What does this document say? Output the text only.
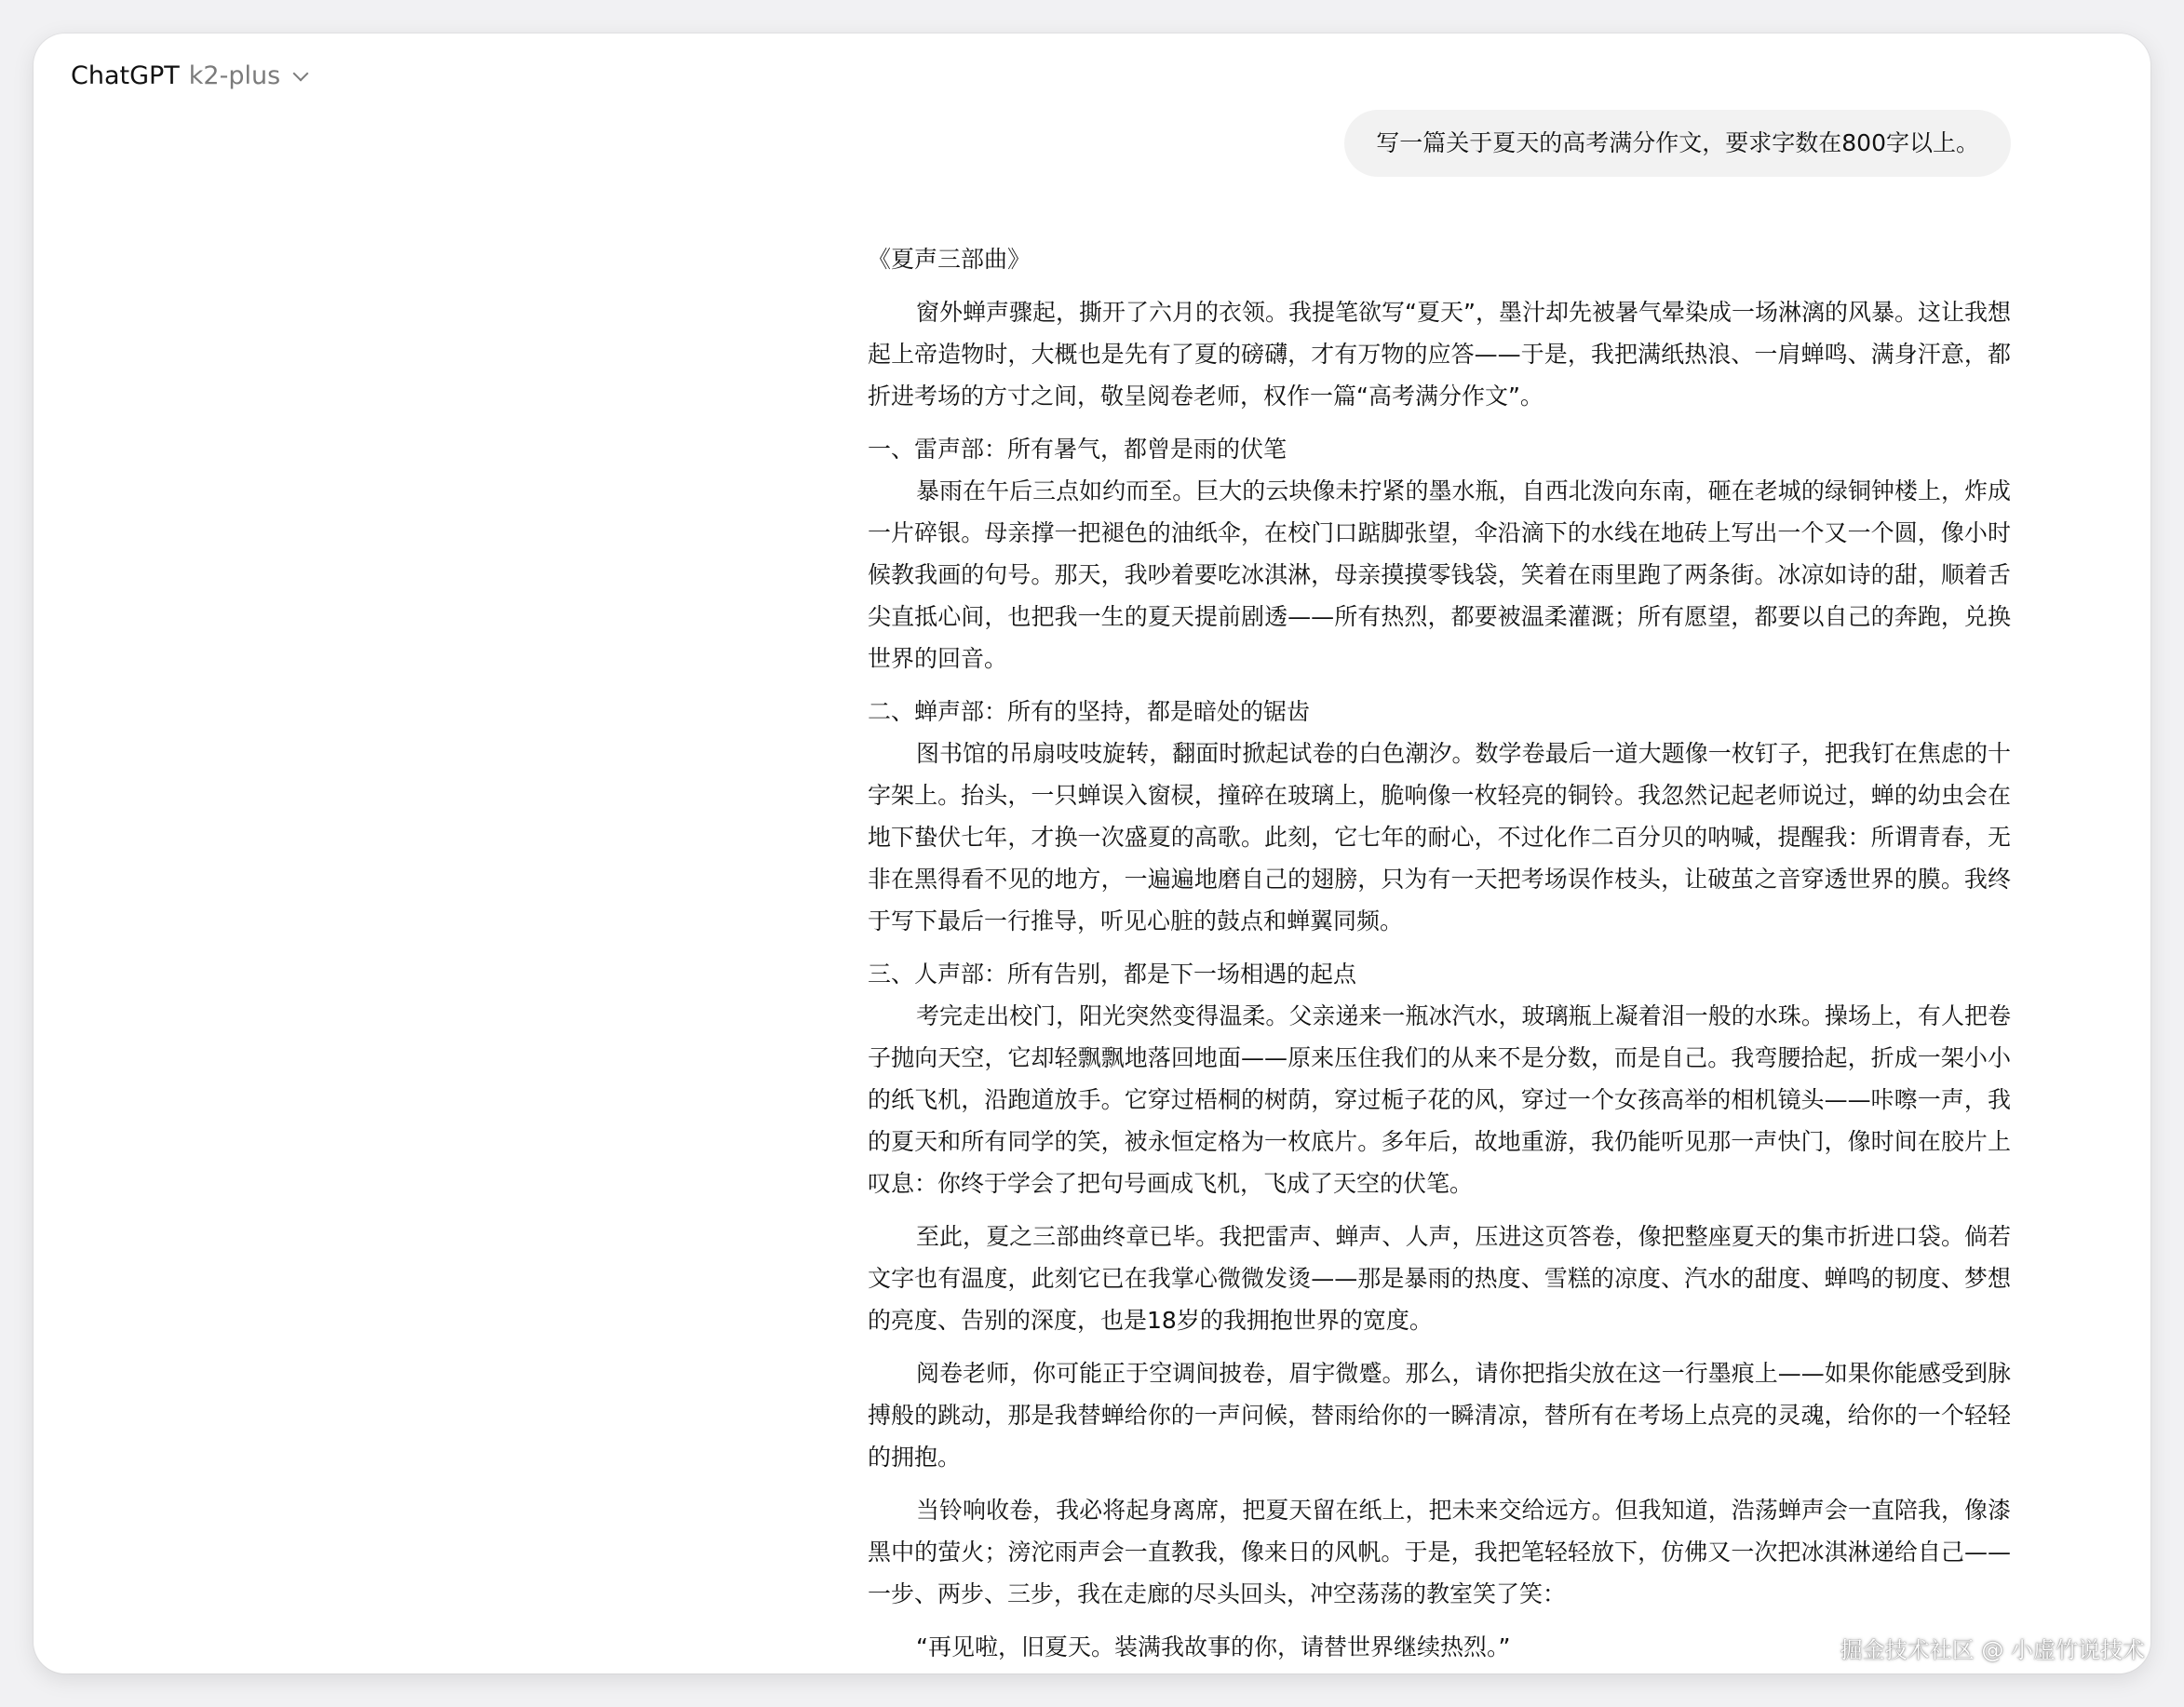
ChatGPT k2-plus
写一篇关于夏天的高考满分作文，要求字数在800字以上。

《夏声三部曲》

窗外蝉声骤起，撕开了六月的衣领。我提笔欲写“夏天”，墨汁却先被暑气晕染成一场淋漓的风暴。这让我想起上帝造物时，大概也是先有了夏的磅礴，才有万物的应答——于是，我把满纸热浪、一肩蝉鸣、满身汗意，都折进考场的方寸之间，敬呈阅卷老师，权作一篇“高考满分作文”。

一、雷声部：所有暑气，都曾是雨的伏笔

暴雨在午后三点如约而至。巨大的云块像未拧紧的墨水瓶，自西北泼向东南，砸在老城的绿铜钟楼上，炸成一片碎银。母亲撑一把褪色的油纸伞，在校门口踮脚张望，伞沿滴下的水线在地砖上写出一个又一个圆，像小时候教我画的句号。那天，我吵着要吃冰淇淋，母亲摸摸零钱袋，笑着在雨里跑了两条街。冰凉如诗的甜，顺着舌尖直抵心间，也把我一生的夏天提前剧透——所有热烈，都要被温柔灌溉；所有愿望，都要以自己的奔跑，兑换世界的回音。

二、蝉声部：所有的坚持，都是暗处的锯齿

图书馆的吊扇吱吱旋转，翻面时掀起试卷的白色潮汐。数学卷最后一道大题像一枚钉子，把我钉在焦虑的十字架上。抬头，一只蝉误入窗棂，撞碎在玻璃上，脆响像一枚轻亮的铜铃。我忽然记起老师说过，蝉的幼虫会在地下蛰伏七年，才换一次盛夏的高歌。此刻，它七年的耐心，不过化作二百分贝的呐喊，提醒我：所谓青春，无非在黑得看不见的地方，一遍遍地磨自己的翅膀，只为有一天把考场误作枝头，让破茧之音穿透世界的膜。我终于写下最后一行推导，听见心脏的鼓点和蝉翼同频。

三、人声部：所有告别，都是下一场相遇的起点

考完走出校门，阳光突然变得温柔。父亲递来一瓶冰汽水，玻璃瓶上凝着泪一般的水珠。操场上，有人把卷子抛向天空，它却轻飘飘地落回地面——原来压住我们的从来不是分数，而是自己。我弯腰拾起，折成一架小小的纸飞机，沿跑道放手。它穿过梧桐的树荫，穿过栀子花的风，穿过一个女孩高举的相机镜头——咔嚓一声，我的夏天和所有同学的笑，被永恒定格为一枚底片。多年后，故地重游，我仍能听见那一声快门，像时间在胶片上叹息：你终于学会了把句号画成飞机，飞成了天空的伏笔。

至此，夏之三部曲终章已毕。我把雷声、蝉声、人声，压进这页答卷，像把整座夏天的集市折进口袋。倘若文字也有温度，此刻它已在我掌心微微发烫——那是暴雨的热度、雪糕的凉度、汽水的甜度、蝉鸣的韧度、梦想的亮度、告别的深度，也是18岁的我拥抱世界的宽度。

阅卷老师，你可能正于空调间披卷，眉宇微蹙。那么，请你把指尖放在这一行墨痕上——如果你能感受到脉搏般的跳动，那是我替蝉给你的一声问候，替雨给你的一瞬清凉，替所有在考场上点亮的灵魂，给你的一个轻轻的拥抱。

当铃响收卷，我必将起身离席，把夏天留在纸上，把未来交给远方。但我知道，浩荡蝉声会一直陪我，像漆黑中的萤火；滂沱雨声会一直教我，像来日的风帆。于是，我把笔轻轻放下，仿佛又一次把冰淇淋递给自己——一步、两步、三步，我在走廊的尽头回头，冲空荡荡的教室笑了笑：

“再见啦，旧夏天。装满我故事的你，请替世界继续热烈。”	掘金技术社区 @ 小虚竹说技术
